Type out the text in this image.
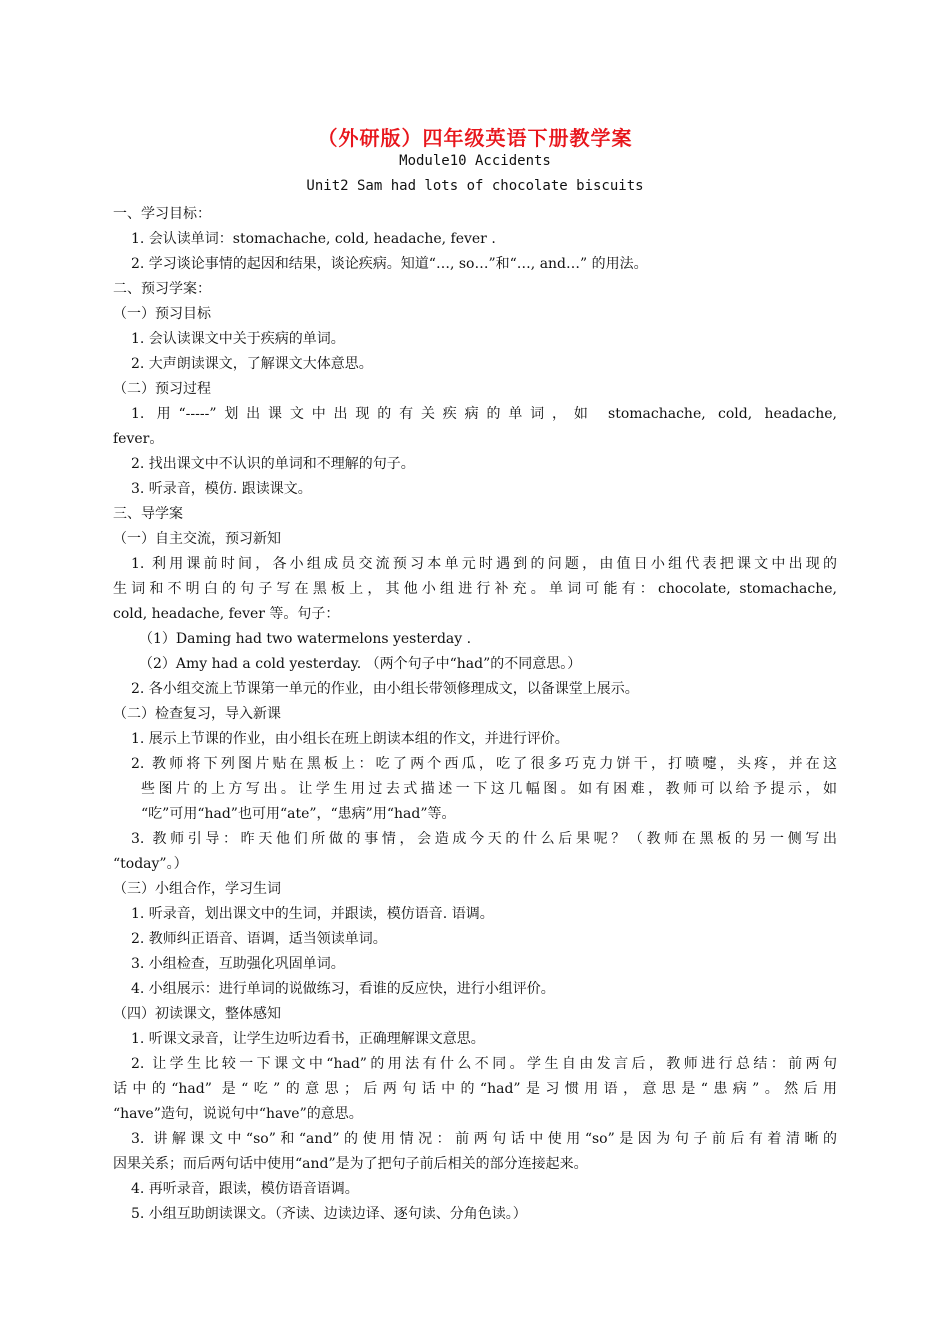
（外研版）四年级英语下册教学案
Module10 Accidents
Unit2 Sam had lots of chocolate biscuits
一、学习目标：
1. 会认读单词：stomachache, cold, headache, fever .
2. 学习谈论事情的起因和结果，谈论疾病。知道“…, so…”和“…, and…” 的用法。
二、预习学案：
（一）预习目标
1. 会认读课文中关于疾病的单词。
2. 大声朗读课文，了解课文大体意思。
（二）预习过程
1. 用“-----”划出课文中出现的有关疾病的单词，如 stomachache, cold, headache,
fever。
2. 找出课文中不认识的单词和不理解的句子。
3. 听录音，模仿. 跟读课文。
三、导学案
（一）自主交流，预习新知
1. 利用课前时间，各小组成员交流预习本单元时遇到的问题，由值日小组代表把课文中出现的
生词和不明白的句子写在黑板上，其他小组进行补充。单词可能有：chocolate, stomachache,
cold, headache, fever 等。句子：
（1）Daming had two watermelons yesterday .
（2）Amy had a cold yesterday. （两个句子中“had”的不同意思。）
2. 各小组交流上节课第一单元的作业，由小组长带领修理成文，以备课堂上展示。
（二）检查复习，导入新课
1. 展示上节课的作业，由小组长在班上朗读本组的作文，并进行评价。
2. 教师将下列图片贴在黑板上：吃了两个西瓜，吃了很多巧克力饼干，打喷嚏，头疼，并在这
些图片的上方写出。让学生用过去式描述一下这几幅图。如有困难，教师可以给予提示，如
“吃”可用“had”也可用“ate”，“患病”用“had”等。
3. 教师引导：昨天他们所做的事情，会造成今天的什么后果呢？（教师在黑板的另一侧写出
“today”。）
（三）小组合作，学习生词
1. 听录音，划出课文中的生词，并跟读，模仿语音. 语调。
2. 教师纠正语音、语调，适当领读单词。
3. 小组检查，互助强化巩固单词。
4. 小组展示：进行单词的说做练习，看谁的反应快，进行小组评价。
（四）初读课文，整体感知
1. 听课文录音，让学生边听边看书，正确理解课文意思。
2. 让学生比较一下课文中“had”的用法有什么不同。学生自由发言后，教师进行总结：前两句
话中的“had” 是“吃”的意思；后两句话中的“had”是习惯用语，意思是“患病”。然后用
“have”造句，说说句中“have”的意思。
3. 讲解课文中“so”和“and”的使用情况：前两句话中使用“so”是因为句子前后有着清晰的
因果关系；而后两句话中使用“and”是为了把句子前后相关的部分连接起来。
4. 再听录音，跟读，模仿语音语调。
5. 小组互助朗读课文。（齐读、边读边译、逐句读、分角色读。）
